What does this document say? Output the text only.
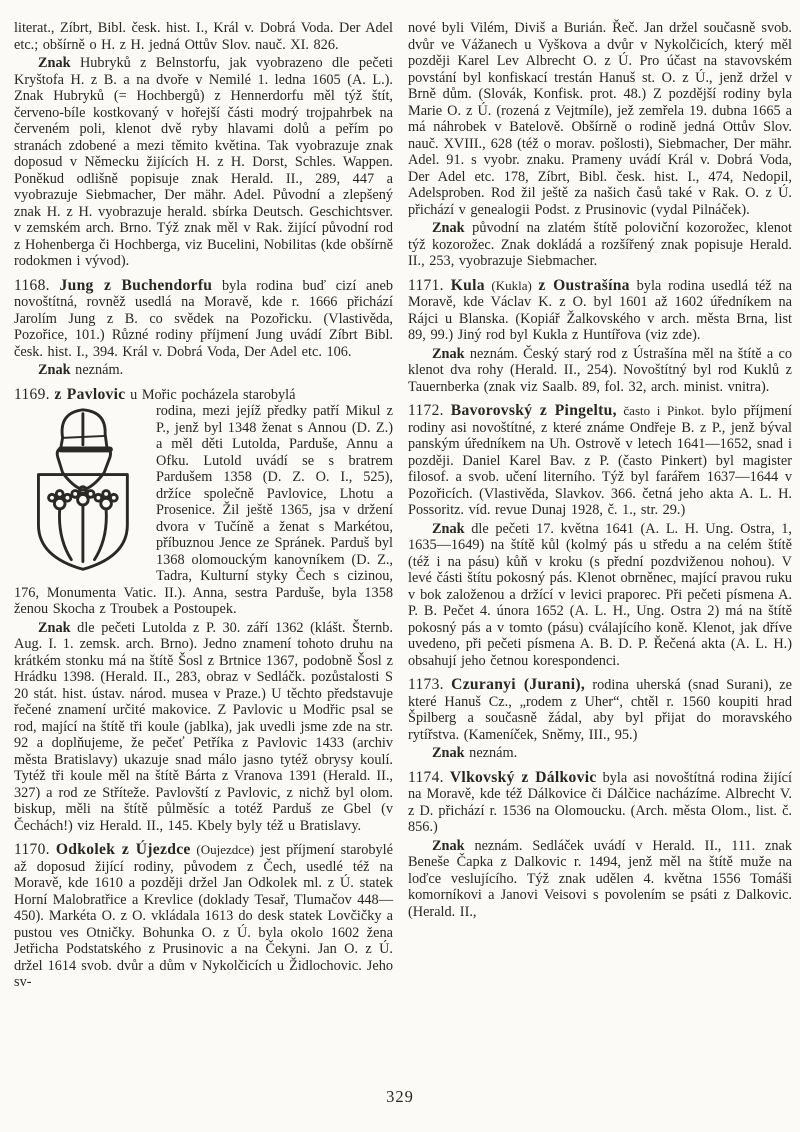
literat., Zíbrt, Bibl. česk. hist. I., Král v. Dobrá Voda. Der Adel etc.; obšírně o H. z H. jedná Ottův Slov. nauč. XI. 826.

Znak Hubryků z Belnstorfu, jak vyobrazeno dle pečeti Kryštofa H. z B. a na dvoře v Nemilé 1. ledna 1605 (A. L.). Znak Hubryků (= Hochbergů) z Hennerdorfu měl týž štít, červeno-bíle kostkovaný v hořejší části modrý trojpahrbek na červeném poli, klenot dvě ryby hlavami dolů a peřím po stranách zdobené a mezi těmito květina. Tak vyobrazuje znak doposud v Německu žijících H. z H. Dorst, Schles. Wappen. Poněkud odlišně popisuje znak Herald. II., 289, 447 a vyobrazuje Siebmacher, Der mähr. Adel. Původní a zlepšený znak H. z H. vyobrazuje herald. sbírka Deutsch. Geschichtsver. v zemském arch. Brno. Týž znak měl v Rak. žijící původní rod z Hohenberga či Hochberga, viz Bucelini, Nobilitas (kde obšírně rodokmen i vývod).

1168. Jung z Buchendorfu byla rodina buď cizí aneb novoštítná, rovněž usedlá na Moravě, kde r. 1666 přichází Jarolím Jung z B. co svědek na Pozořicku. (Vlastivěda, Pozořice, 101.) Různé rodiny příjmení Jung uvádí Zíbrt Bibl. česk. hist. I., 394. Král v. Dobrá Voda, Der Adel etc. 106.

Znak neznám.

1169. z Pavlovic u Mořic pocházela starobylá

rodina, mezi jejíž předky patří Mikul z P., jenž byl 1348 ženat s Annou (D. Z.) a měl děti Lutolda, Parduše, Annu a Ofku. Lutold uvádí se s bratrem Pardušem 1358 (D. Z. O. I., 525), držíce společně Pavlovice, Lhotu a Prosenice. Žil ještě 1365, jsa v držení dvora v Tučíně a ženat s Markétou, příbuznou Jence ze Spránek. Parduš byl 1368 olomouckým kanovníkem (D. Z., Tadra, Kulturní styky Čech s cizinou, 176, Monumenta Vatic. II.). Anna, sestra Parduše, byla 1358 ženou Skocha z Troubek a Postoupek.

Znak dle pečeti Lutolda z P. 30. září 1362 (klášt. Šternb. Aug. I. 1. zemsk. arch. Brno). Jedno znamení tohoto druhu na krátkém stonku má na štítě Šosl z Brtnice 1367, podobně Šosl z Hrádku 1398. (Herald. II., 283, obraz v Sedláčk. pozůstalosti S 20 stát. hist. ústav. národ. musea v Praze.) U těchto představuje řečené znamení určité makovice. Z Pavlovic u Modřic psal se rod, mající na štítě tři koule (jablka), jak uvedli jsme zde na str. 92 a doplňujeme, že pečeť Petříka z Pavlovic 1433 (archiv města Bratislavy) ukazuje snad málo jasno tytéž obrysy koulí. Tytéž tři koule měl na štítě Bárta z Vranova 1391 (Herald. II., 327) a rod ze Stříteže. Pavlovští z Pavlovic, z nichž byl olom. biskup, měli na štítě půlměsíc a totéž Parduš ze Gbel (v Čechách!) viz Herald. II., 145. Kbely byly též u Bratislavy.

1170. Odkolek z Újezdce (Oujezdce) jest příjmení starobylé až doposud žijící rodiny, původem z Čech, usedlé též na Moravě, kde 1610 a později držel Jan Odkolek ml. z Ú. statek Horní Malobratřice a Krevlice (doklady Tesař, Tlumačov 448—450). Markéta O. z O. vkládala 1613 do desk statek Lovčičky a pustou ves Otničky. Bohunka O. z Ú. byla okolo 1602 žena Jetřicha Podstatského z Prusinovic a na Čekyni. Jan O. z Ú. držel 1614 svob. dvůr a dům v Nykolčicích u Židlochovic. Jeho sv-

nové byli Vilém, Diviš a Burián. Řeč. Jan držel současně svob. dvůr ve Vážanech u Vyškova a dvůr v Nykolčicích, který měl později Karel Lev Albrecht O. z Ú. Pro účast na stavovském povstání byl konfiskací trestán Hanuš st. O. z Ú., jenž držel v Brně dům. (Slovák, Konfisk. prot. 48.) Z pozdější rodiny byla Marie O. z Ú. (rozená z Vejtmíle), jež zemřela 19. dubna 1665 a má náhrobek v Batelově. Obšírně o rodině jedná Ottův Slov. nauč. XVIII., 628 (též o morav. pošlosti), Siebmacher, Der mähr. Adel. 91. s vyobr. znaku. Prameny uvádí Král v. Dobrá Voda, Der Adel etc. 178, Zíbrt, Bibl. česk. hist. I., 474, Nedopil, Adelsproben. Rod žil ještě za našich časů také v Rak. O. z Ú. přichází v genealogii Podst. z Prusinovic (vydal Pilnáček).

Znak původní na zlatém štítě poloviční kozorožec, klenot týž kozorožec. Znak dokládá a rozšířený znak popisuje Herald. II., 253, vyobrazuje Siebmacher.

1171. Kula (Kukla) z Oustrašína byla rodina usedlá též na Moravě, kde Václav K. z O. byl 1601 až 1602 úředníkem na Rájci u Blanska. (Kopiář Žalkovského v arch. města Brna, list 89, 99.) Jiný rod byl Kukla z Huntířova (viz zde).

Znak neznám. Český starý rod z Ústrašína měl na štítě a co klenot dva rohy (Herald. II., 254). Novoštítný byl rod Kuklů z Tauernberka (znak viz Saalb. 89, fol. 32, arch. minist. vnitra).

1172. Bavorovský z Pingeltu, často i Pinkot. bylo příjmení rodiny asi novoštítné, z které známe Ondřeje B. z P., jenž býval panským úředníkem na Uh. Ostrově v letech 1641—1652, snad i později. Daniel Karel Bav. z P. (často Pinkert) byl magister filosof. a svob. učení literního. Týž byl farářem 1637—1644 v Pozořicích. (Vlastivěda, Slavkov. 366. četná jeho akta A. L. H. Possoritz. víd. revue Dunaj 1928, č. 1., str. 29.)

Znak dle pečeti 17. května 1641 (A. L. H. Ung. Ostra, 1, 1635—1649) na štítě kůl (kolmý pás u středu a na celém štítě (též i na pásu) kůň v kroku (s přední pozdviženou nohou). V levé části štítu pokosný pás. Klenot obrněnec, mající pravou ruku v bok založenou a držící v levici praporec. Při pečeti písmena A. P. B. Pečet 4. února 1652 (A. L. H., Ung. Ostra 2) má na štítě pokosný pás a v tomto (pásu) cválajícího koně. Klenot, jak dříve uvedeno, při pečeti písmena A. B. D. P. Řečená akta (A. L. H.) obsahují jeho četnou korespondenci.

1173. Czuranyi (Jurani), rodina uherská (snad Surani), ze které Hanuš Cz., „rodem z Uher“, chtěl r. 1560 koupiti hrad Špilberg a současně žádal, aby byl přijat do moravského rytířstva. (Kameníček, Sněmy, III., 95.)

Znak neznám.

1174. Vlkovský z Dálkovic byla asi novoštítná rodina žijící na Moravě, kde též Dálkovice či Dálčice nacházíme. Albrecht V. z D. přichází r. 1536 na Olomoucku. (Arch. města Olom., list. č. 856.)

Znak neznám. Sedláček uvádí v Herald. II., 111. znak Beneše Čapka z Dalkovic r. 1494, jenž měl na štítě muže na loďce veslujícího. Týž znak udělen 4. května 1556 Tomáši komorníkovi a Janovi Veisovi s povolením se psáti z Dalkovic. (Herald. II.,

329
